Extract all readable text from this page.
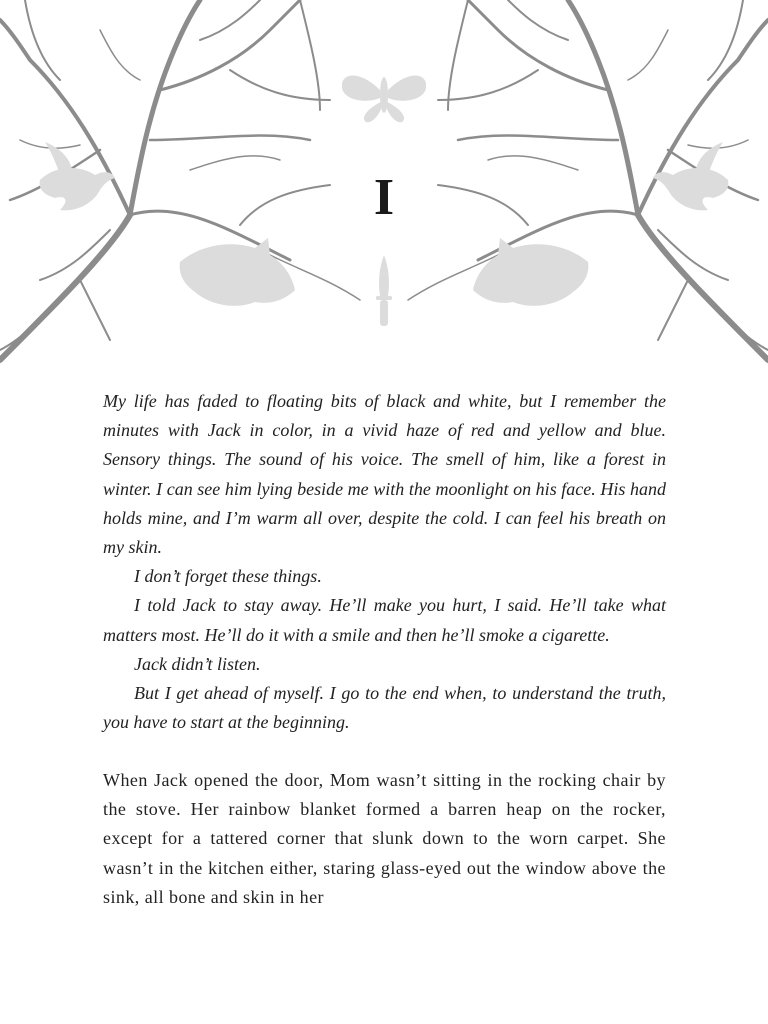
I

My life has faded to floating bits of black and white, but I remember the minutes with Jack in color, in a vivid haze of red and yellow and blue. Sensory things. The sound of his voice. The smell of him, like a forest in winter. I can see him lying beside me with the moonlight on his face. His hand holds mine, and I’m warm all over, despite the cold. I can feel his breath on my skin.

I don’t forget these things.

I told Jack to stay away. He’ll make you hurt, I said. He’ll take what matters most. He’ll do it with a smile and then he’ll smoke a cigarette.

Jack didn’t listen.

But I get ahead of myself. I go to the end when, to understand the truth, you have to start at the beginning.

When Jack opened the door, Mom wasn’t sitting in the rocking chair by the stove. Her rainbow blanket formed a barren heap on the rocker, except for a tattered corner that slunk down to the worn carpet. She wasn’t in the kitchen either, staring glass-eyed out the window above the sink, all bone and skin in her
